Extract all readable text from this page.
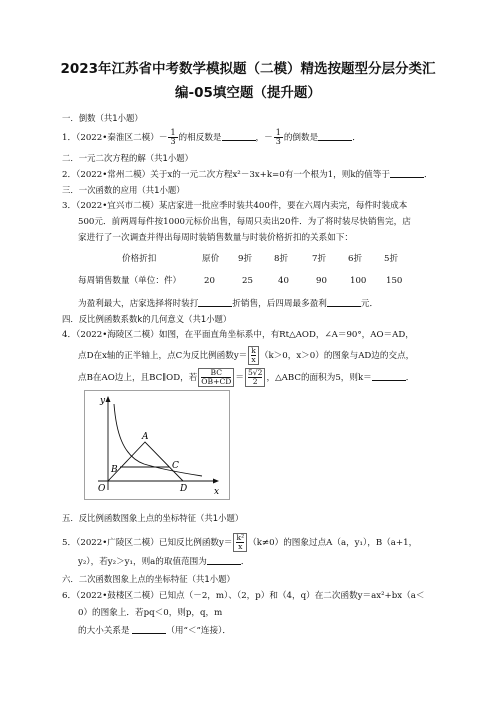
2023年江苏省中考数学模拟题（二模）精选按题型分层分类汇
编-05填空题（提升题）
一．倒数（共1小题）
1．（2022•秦淮区二模）－ $\frac{1}{3}$ 的相反数是	，－ $\frac{1}{3}$ 的倒数是	．
二．一元二次方程的解（共1小题）
2．（2022•常州二模）关于x的一元二次方程x²－3x+k=0有一个根为1，则k的值等于	．
三．一次函数的应用（共1小题）
3．（2022•宜兴市二模）某店家进一批应季时装共400件，要在六周内卖完，每件时装成本
500元．前两周每件按1000元标价出售，每周只卖出20件．为了将时装尽快销售完，店
家进行了一次调查并得出每周时装销售数量与时装价格折扣的关系如下：
价格折扣	原价 9折	8折	7折	6折	5折
每周销售数量（单位：件）	20	25	40	90	100 150
为盈利最大，店家选择将时装打	折销售，后四周最多盈利	元．
四．反比例函数系数k的几何意义（共1小题）
4．（2022•海陵区二模）如图，在平面直角坐标系中，有Rt△AOD，∠A＝90°，AO＝AD，
点D在x轴的正半轴上，点C为反比例函数$y= \frac{k}{x}(k>0$，x＞0）的图象与AD边的交点，
点B在AO边上，且BC∥OD，若 $\frac{BC}{OB+CD}= \frac{5√2}{2}$，△ABC的面积为5，则k＝	．
y
x
O
A
B	C
D
五．反比例函数图象上点的坐标特征（共1小题）
5．（2022•广陵区二模）已知反比例函数$y= \frac{\text{k²}}{x}(k\ne 0)$的图象过点A（a，y₁），B（a+1，
y₂），若y₂＞y₁，则a的取值范围为	．
六．二次函数图象上点的坐标特征（共1小题）
6．（2022•鼓楼区二模）已知点（－2，m）、（2，p）和（4，q）在二次函数y＝ax²+bx（a＜
0）的图象上．若pq＜0，则p，q，m
的大小关系是	（用“＜”连接）．
